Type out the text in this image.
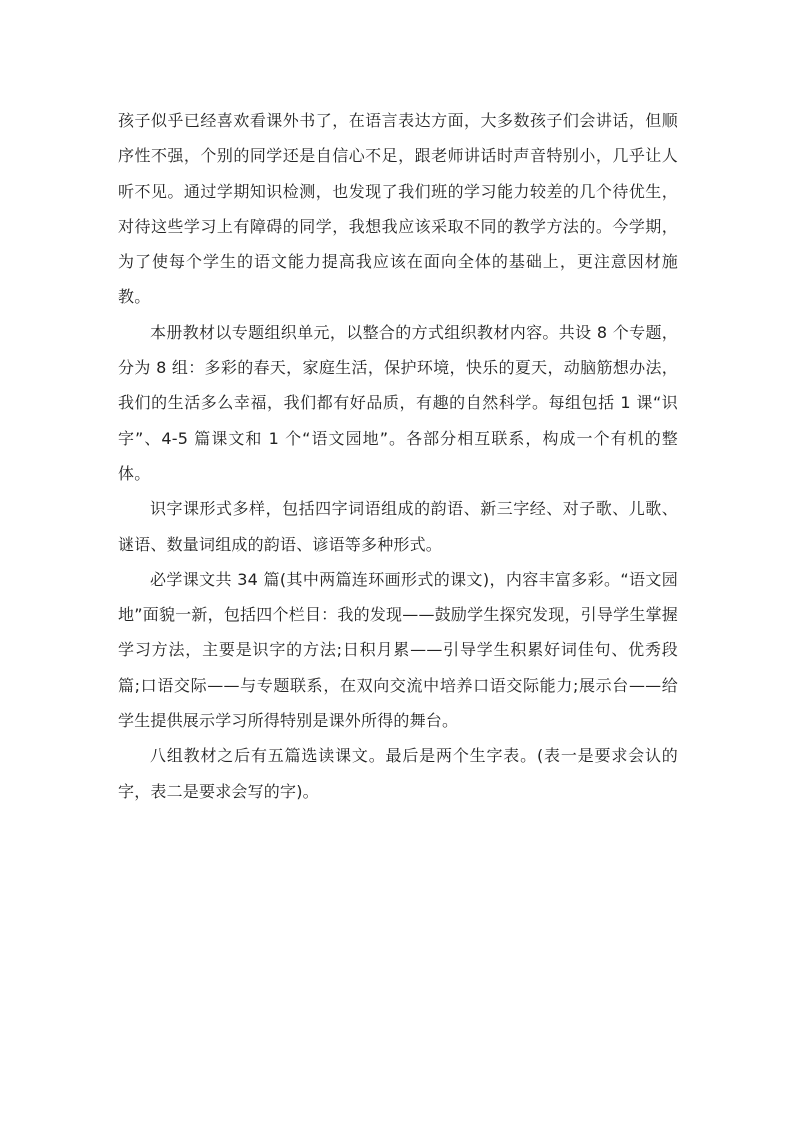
孩子似乎已经喜欢看课外书了，在语言表达方面，大多数孩子们会讲话，但顺序性不强，个别的同学还是自信心不足，跟老师讲话时声音特别小，几乎让人听不见。通过学期知识检测，也发现了我们班的学习能力较差的几个待优生，对待这些学习上有障碍的同学，我想我应该采取不同的教学方法的。今学期，为了使每个学生的语文能力提高我应该在面向全体的基础上，更注意因材施教。

本册教材以专题组织单元，以整合的方式组织教材内容。共设 8 个专题，分为 8 组：多彩的春天，家庭生活，保护环境，快乐的夏天，动脑筋想办法，我们的生活多么幸福，我们都有好品质，有趣的自然科学。每组包括 1 课“识字”、4-5 篇课文和 1 个“语文园地”。各部分相互联系，构成一个有机的整体。

识字课形式多样，包括四字词语组成的韵语、新三字经、对子歌、儿歌、谜语、数量词组成的韵语、谚语等多种形式。

必学课文共 34 篇(其中两篇连环画形式的课文)，内容丰富多彩。“语文园地”面貌一新，包括四个栏目：我的发现——鼓励学生探究发现，引导学生掌握学习方法，主要是识字的方法;日积月累——引导学生积累好词佳句、优秀段篇;口语交际——与专题联系，在双向交流中培养口语交际能力;展示台——给学生提供展示学习所得特别是课外所得的舞台。

八组教材之后有五篇选读课文。最后是两个生字表。(表一是要求会认的字，表二是要求会写的字)。
